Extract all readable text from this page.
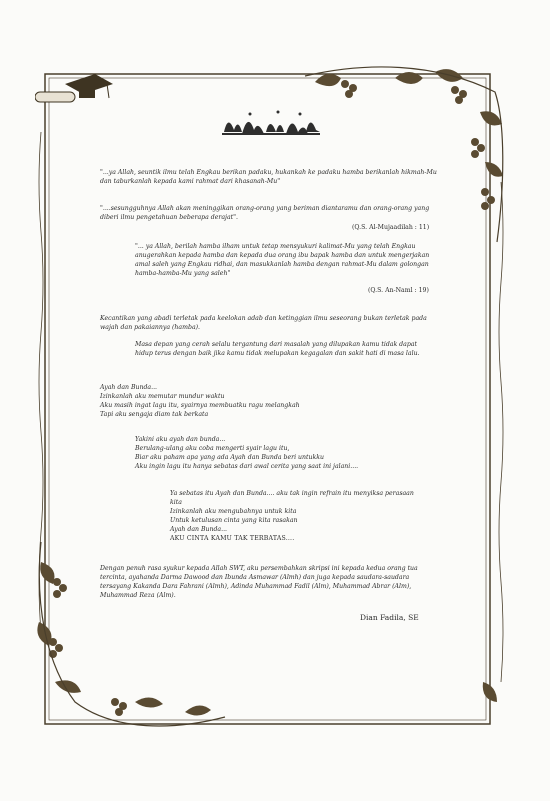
"...ya Allah, seuntik ilmu telah Engkau berikan padaku, hukankah ke padaku hamba berikanlah hikmah-Mu dan taburkanlah kepada kami rahmat dari khasanah-Mu"

"....sesungguhnya Allah akan meninggikan orang-orang yang beriman diantaramu dan orang-orang yang diberi ilmu pengetahuan beberapa derajat".

(Q.S. Al-Mujaadilah : 11)

"... ya Allah, berilah hamba ilham untuk tetap mensyukuri kalimat-Mu yang telah Engkau anugerahkan kepada hamba dan kepada dua orang ibu bapak hamba dan untuk mengerjakan amal saleh yang Engkau ridhai, dan masukkanlah hamba dengan rahmat-Mu dalam golongan hamba-hamba-Mu yang saleh"

(Q.S. An-Naml : 19)

Kecantikan yang abadi terletak pada keelokan adab dan ketinggian ilmu seseorang bukan terletak pada wajah dan pakaiannya (hamba).

Masa depan yang cerah selalu tergantung dari masalah yang dilupakan kamu tidak dapat hidup terus dengan baik jika kamu tidak melupakan kegagalan dan sakit hati di masa lalu.

Ayah dan Bunda...

Izinkanlah aku memutar mundur waktu

Aku masih ingat lagu itu, syairnya membuatku ragu melangkah

Tapi aku sengaja diam tak berkata

Yakini aku ayah dan bunda...

Berulang-ulang aku coba mengerti syair lagu itu,

Biar aku paham apa yang ada Ayah dan Bunda beri untukku

Aku ingin lagu itu hanya sebatas dari awal cerita yang saat ini jalani....

Ya sebatas itu Ayah dan Bunda.... aku tak ingin refrain itu menyiksa perasaan kita

Izinkanlah aku mengubahnya untuk kita

Untuk ketulusan cinta yang kita rasakan

Ayah dan Bunda...

AKU CINTA KAMU TAK TERBATAS....

Dengan penuh rasa syukur kepada Allah SWT, aku persembahkan skripsi ini kepada kedua orang tua tercinta, ayahanda Darma Dawood dan Ibunda Asmawar (Almh) dan juga kepada saudara-saudara tersayang Kakanda Dara Fahrani (Almh), Adinda Muhammad Fadil (Alm), Muhammad Abrar (Alm), Muhammad Reza (Alm).

Dian Fadila, SE
